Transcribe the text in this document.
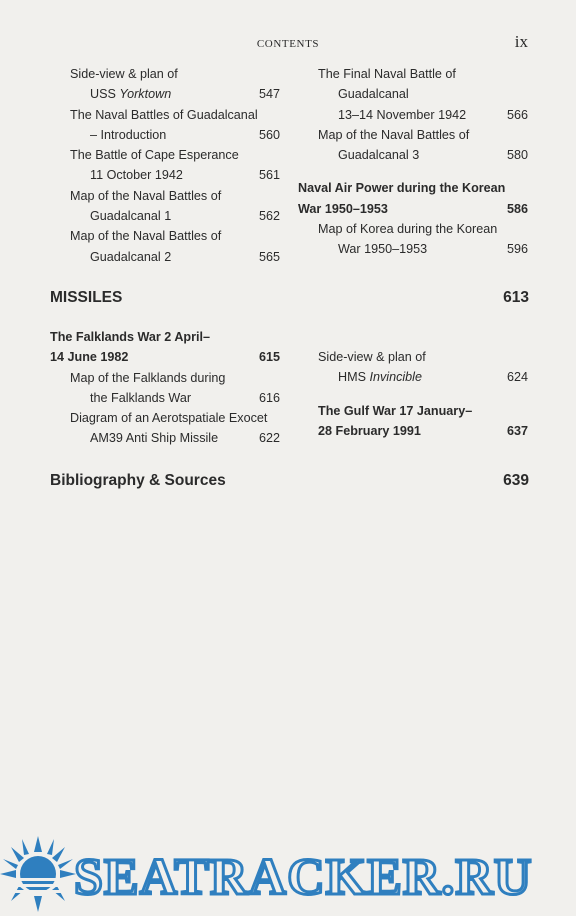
CONTENTS	ix
Side-view & plan of
USS Yorktown	547
The Naval Battles of Guadalcanal
– Introduction	560
The Battle of Cape Esperance
11 October 1942	561
Map of the Naval Battles of
Guadalcanal 1	562
Map of the Naval Battles of
Guadalcanal 2	565
The Final Naval Battle of
Guadalcanal
13–14 November 1942	566
Map of the Naval Battles of
Guadalcanal 3	580
Naval Air Power during the Korean
War 1950–1953	586
Map of Korea during the Korean
War 1950–1953	596
MISSILES	613
The Falklands War 2 April–
14 June 1982	615
Map of the Falklands during
the Falklands War	616
Diagram of an Aerotspatiale Exocet
AM39 Anti Ship Missile	622
Side-view & plan of
HMS Invincible	624
The Gulf War 17 January–
28 February 1991	637
Bibliography & Sources	639
SEATRACKER.RU
